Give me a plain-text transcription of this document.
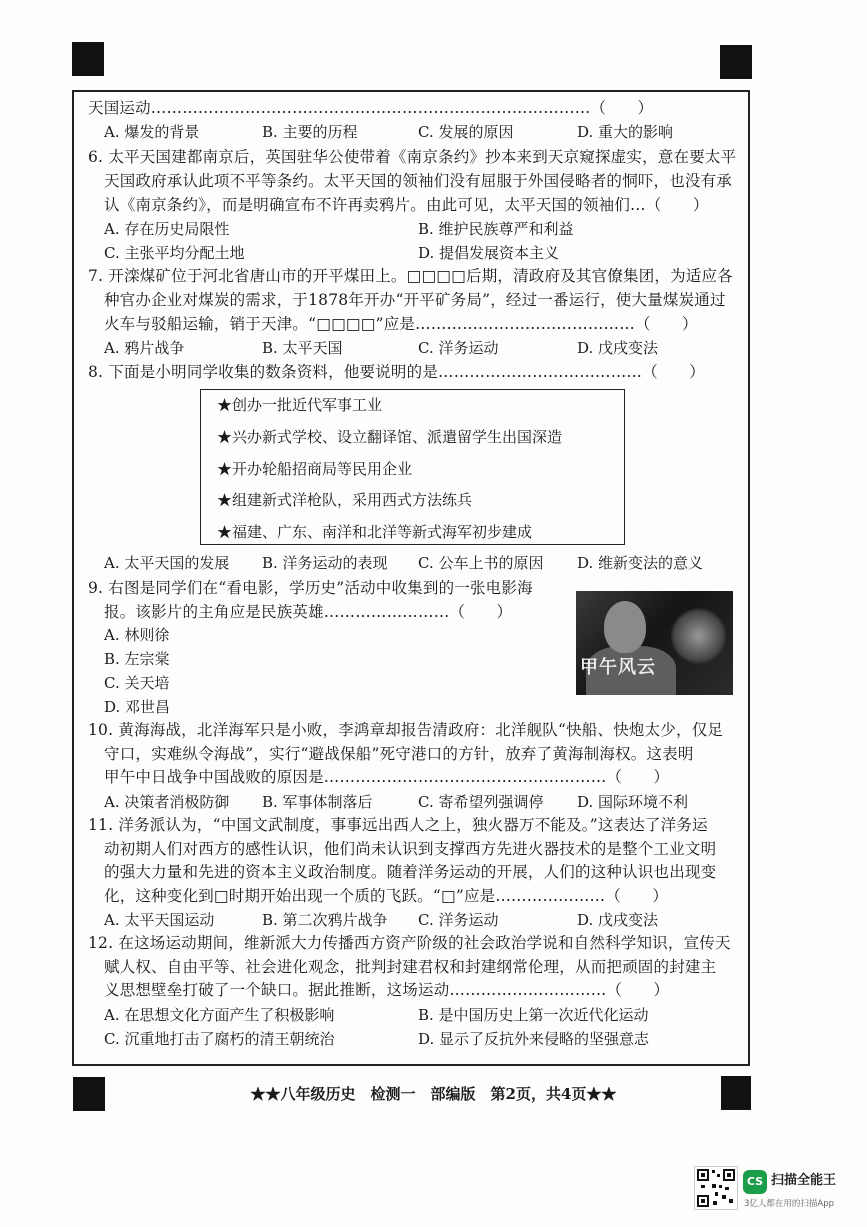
天国运动…………………………………………………………………………（　　）
A. 爆发的背景	B. 主要的历程	C. 发展的原因	D. 重大的影响
6. 太平天国建都南京后，英国驻华公使带着《南京条约》抄本来到天京窥探虚实，意在要太平
天国政府承认此项不平等条约。太平天国的领袖们没有屈服于外国侵略者的恫吓，也没有承
认《南京条约》，而是明确宣布不许再卖鸦片。由此可见，太平天国的领袖们…（　　）
A. 存在历史局限性	B. 维护民族尊严和利益
C. 主张平均分配土地	D. 提倡发展资本主义
7. 开滦煤矿位于河北省唐山市的开平煤田上。□□□□后期，清政府及其官僚集团，为适应各
种官办企业对煤炭的需求，于1878年开办“开平矿务局”，经过一番运行，使大量煤炭通过
火车与驳船运输，销于天津。“□□□□”应是……………………………………（　　）
A. 鸦片战争	B. 太平天国	C. 洋务运动	D. 戊戌变法
8. 下面是小明同学收集的数条资料，他要说明的是…………………………………（　　）
★创办一批近代军事工业
★兴办新式学校、设立翻译馆、派遣留学生出国深造
★开办轮船招商局等民用企业
★组建新式洋枪队，采用西式方法练兵
★福建、广东、南洋和北洋等新式海军初步建成
A. 太平天国的发展 B. 洋务运动的表现 C. 公车上书的原因 D. 维新变法的意义
9. 右图是同学们在“看电影，学历史”活动中收集到的一张电影海
报。该影片的主角应是民族英雄……………………（　　）
A. 林则徐
B. 左宗棠
C. 关天培
D. 邓世昌
甲午风云
10. 黄海海战，北洋海军只是小败，李鸿章却报告清政府：北洋舰队“快船、快炮太少，仅足
守口，实难纵令海战”，实行“避战保船”死守港口的方针，放弃了黄海制海权。这表明
甲午中日战争中国战败的原因是………………………………………………（　　）
A. 决策者消极防御 B. 军事体制落后	C. 寄希望列强调停 D. 国际环境不利
11. 洋务派认为，“中国文武制度，事事远出西人之上，独火器万不能及。”这表达了洋务运
动初期人们对西方的感性认识，他们尚未认识到支撑西方先进火器技术的是整个工业文明
的强大力量和先进的资本主义政治制度。随着洋务运动的开展，人们的这种认识也出现变
化，这种变化到□时期开始出现一个质的飞跃。“□”应是…………………（　　）
A. 太平天国运动	B. 第二次鸦片战争 C. 洋务运动	D. 戊戌变法
12. 在这场运动期间，维新派大力传播西方资产阶级的社会政治学说和自然科学知识，宣传天
赋人权、自由平等、社会进化观念，批判封建君权和封建纲常伦理，从而把顽固的封建主
义思想壁垒打破了一个缺口。据此推断，这场运动…………………………（　　）
A. 在思想文化方面产生了积极影响	B. 是中国历史上第一次近代化运动
C. 沉重地打击了腐朽的清王朝统治	D. 显示了反抗外来侵略的坚强意志
★★八年级历史　检测一　部编版　第2页，共4页★★
CS 扫描全能王
3亿人都在用的扫描App
